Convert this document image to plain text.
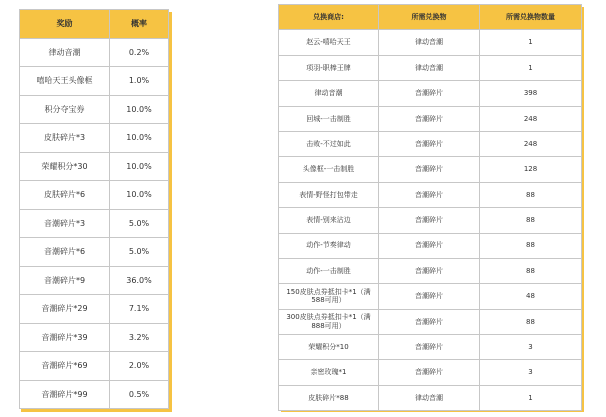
奖励	概率
律动音潮	0.2%
嘻哈天王头像框	1.0%
积分夺宝券	10.0%
皮肤碎片*3	10.0%
荣耀积分*30	10.0%
皮肤碎片*6	10.0%
音潮碎片*3	5.0%
音潮碎片*6	5.0%
音潮碎片*9	36.0%
音潮碎片*29	7.1%
音潮碎片*39	3.2%
音潮碎片*69	2.0%
音潮碎片*99	0.5%
兑换商店:	所需兑换物	所需兑换物数量
赵云-嘻哈天王	律动音潮	1
项羽-职棒王牌	律动音潮	1
律动音潮	音潮碎片	398
回城-一击制胜	音潮碎片	248
击败-不过如此	音潮碎片	248
头像框-一击制胜	音潮碎片	128
表情-野怪打包带走	音潮碎片	88
表情-别来沾边	音潮碎片	88
动作-节奏律动	音潮碎片	88
动作-一击制胜	音潮碎片	88
150皮肤点券抵扣卡*1（满588可用）	音潮碎片	48
300皮肤点券抵扣卡*1（满888可用）	音潮碎片	88
荣耀积分*10	音潮碎片	3
亲密玫瑰*1	音潮碎片	3
皮肤碎片*88	律动音潮	1
